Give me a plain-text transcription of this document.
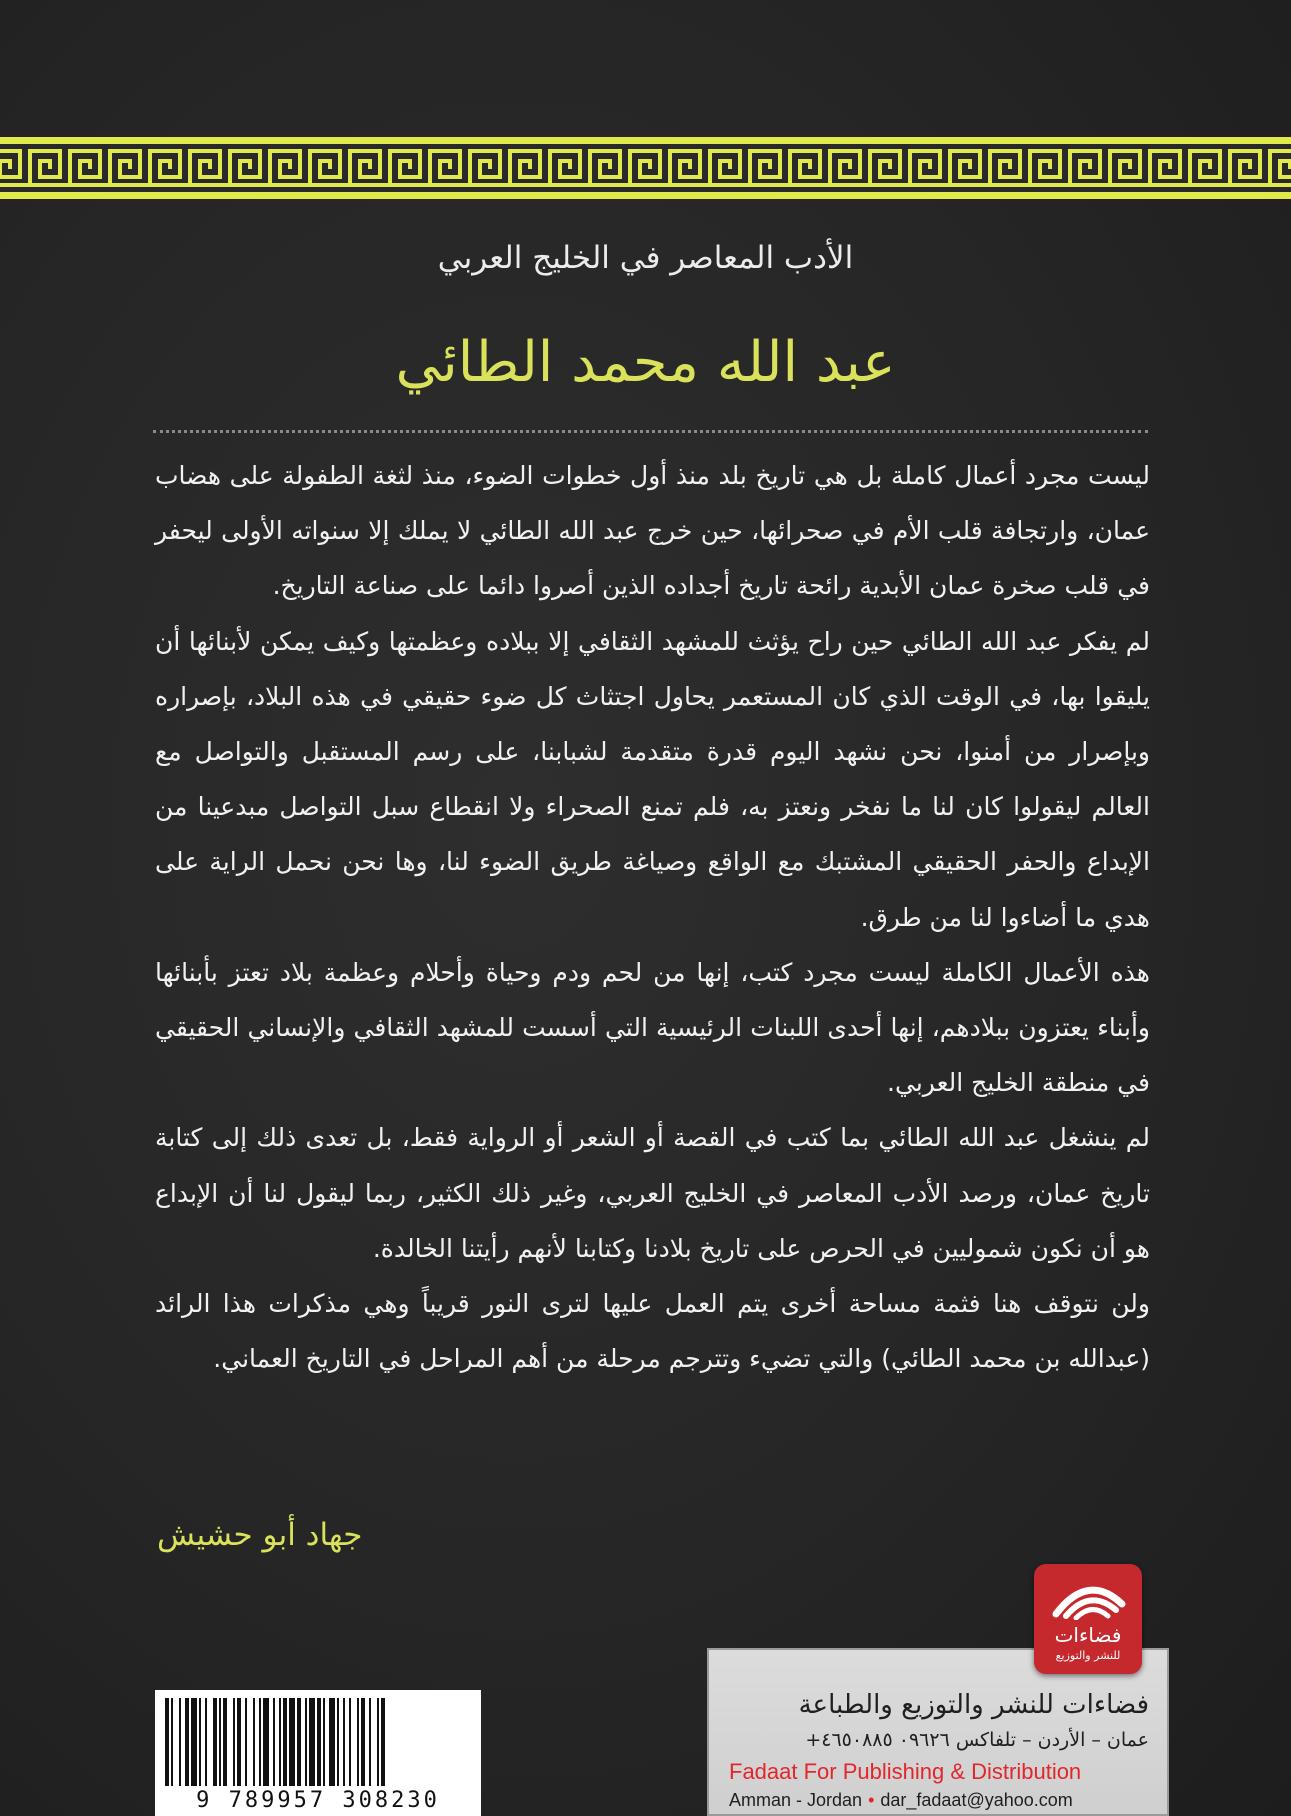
الأدب المعاصر في الخليج العربي
عبد الله محمد الطائي

ليست مجرد أعمال كاملة بل هي تاريخ بلد منذ أول خطوات الضوء، منذ لثغة الطفولة على هضاب عمان، وارتجافة قلب الأم في صحرائها، حين خرج عبد الله الطائي لا يملك إلا سنواته الأولى ليحفر في قلب صخرة عمان الأبدية رائحة تاريخ أجداده الذين أصروا دائما على صناعة التاريخ.

لم يفكر عبد الله الطائي حين راح يؤثث للمشهد الثقافي إلا ببلاده وعظمتها وكيف يمكن لأبنائها أن يليقوا بها، في الوقت الذي كان المستعمر يحاول اجتثاث كل ضوء حقيقي في هذه البلاد، بإصراره وبإصرار من أمنوا، نحن نشهد اليوم قدرة متقدمة لشبابنا، على رسم المستقبل والتواصل مع العالم ليقولوا كان لنا ما نفخر ونعتز به، فلم تمنع الصحراء ولا انقطاع سبل التواصل مبدعينا من الإبداع والحفر الحقيقي المشتبك مع الواقع وصياغة طريق الضوء لنا، وها نحن نحمل الراية على هدي ما أضاءوا لنا من طرق.

هذه الأعمال الكاملة ليست مجرد كتب، إنها من لحم ودم وحياة وأحلام وعظمة بلاد تعتز بأبنائها وأبناء يعتزون ببلادهم، إنها أحدى اللبنات الرئيسية التي أسست للمشهد الثقافي والإنساني الحقيقي في منطقة الخليج العربي.

لم ينشغل عبد الله الطائي بما كتب في القصة أو الشعر أو الرواية فقط، بل تعدى ذلك إلى كتابة تاريخ عمان، ورصد الأدب المعاصر في الخليج العربي، وغير ذلك الكثير، ربما ليقول لنا أن الإبداع هو أن نكون شموليين في الحرص على تاريخ بلادنا وكتابنا لأنهم رأيتنا الخالدة.

ولن نتوقف هنا فثمة مساحة أخرى يتم العمل عليها لترى النور قريباً وهي مذكرات هذا الرائد (عبدالله بن محمد الطائي) والتي تضيء وتترجم مرحلة من أهم المراحل في التاريخ العماني.

جهاد أبو حشيش
9 789957 308230
فضاءات للنشر والتوزيع والطباعة
عمان – الأردن – تلفاكس ٠٩٦٢٦ ٤٦٥٠٨٨٥+
Fadaat For Publishing & Distribution
Amman - Jordan • dar_fadaat@yahoo.com
فضاءات
للنشر والتوزيع
